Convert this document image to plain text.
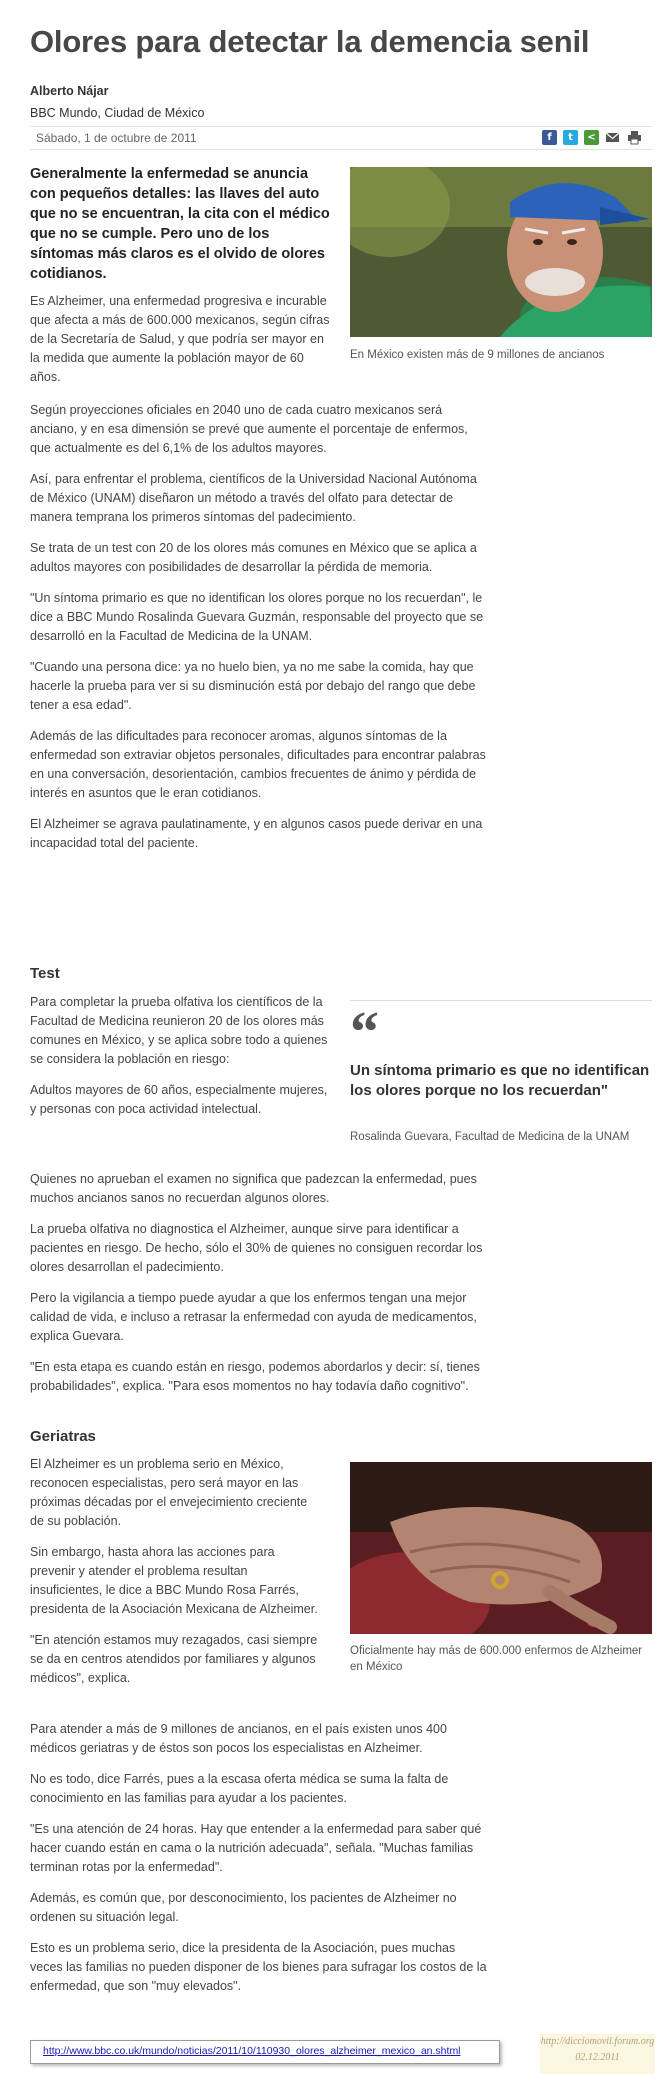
Olores para detectar la demencia senil
Alberto Nájar
BBC Mundo, Ciudad de México
Sábado, 1 de octubre de 2011	f	t	<
En México existen más de 9 millones de ancianos

Generalmente la enfermedad se anuncia con pequeños detalles: las llaves del auto que no se encuentran, la cita con el médico que no se cumple. Pero uno de los síntomas más claros es el olvido de olores cotidianos.

Es Alzheimer, una enfermedad progresiva e incurable que afecta a más de 600.000 mexicanos, según cifras de la Secretaría de Salud, y que podría ser mayor en la medida que aumente la población mayor de 60 años.

Según proyecciones oficiales en 2040 uno de cada cuatro mexicanos será anciano, y en esa dimensión se prevé que aumente el porcentaje de enfermos, que actualmente es del 6,1% de los adultos mayores.

Así, para enfrentar el problema, científicos de la Universidad Nacional Autónoma de México (UNAM) diseñaron un método a través del olfato para detectar de manera temprana los primeros síntomas del padecimiento.

Se trata de un test con 20 de los olores más comunes en México que se aplica a adultos mayores con posibilidades de desarrollar la pérdida de memoria.

"Un síntoma primario es que no identifican los olores porque no los recuerdan", le dice a BBC Mundo Rosalinda Guevara Guzmán, responsable del proyecto que se desarrolló en la Facultad de Medicina de la UNAM.

"Cuando una persona dice: ya no huelo bien, ya no me sabe la comida, hay que hacerle la prueba para ver si su disminución está por debajo del rango que debe tener a esa edad".

Además de las dificultades para reconocer aromas, algunos síntomas de la enfermedad son extraviar objetos personales, dificultades para encontrar palabras en una conversación, desorientación, cambios frecuentes de ánimo y pérdida de interés en asuntos que le eran cotidianos.

El Alzheimer se agrava paulatinamente, y en algunos casos puede derivar en una incapacidad total del paciente.

Test

Para completar la prueba olfativa los científicos de la Facultad de Medicina reunieron 20 de los olores más comunes en México, y se aplica sobre todo a quienes se considera la población en riesgo:

Adultos mayores de 60 años, especialmente mujeres, y personas con poca actividad intelectual.

“
Un síntoma primario es que no identifican los olores porque no los recuerdan"
Rosalinda Guevara, Facultad de Medicina de la UNAM

Quienes no aprueban el examen no significa que padezcan la enfermedad, pues muchos ancianos sanos no recuerdan algunos olores.

La prueba olfativa no diagnostica el Alzheimer, aunque sirve para identificar a pacientes en riesgo. De hecho, sólo el 30% de quienes no consiguen recordar los olores desarrollan el padecimiento.

Pero la vigilancia a tiempo puede ayudar a que los enfermos tengan una mejor calidad de vida, e incluso a retrasar la enfermedad con ayuda de medicamentos, explica Guevara.

"En esta etapa es cuando están en riesgo, podemos abordarlos y decir: sí, tienes probabilidades", explica. "Para esos momentos no hay todavía daño cognitivo".

Geriatras
Oficialmente hay más de 600.000 enfermos de Alzheimer en México

El Alzheimer es un problema serio en México, reconocen especialistas, pero será mayor en las próximas décadas por el envejecimiento creciente de su población.

Sin embargo, hasta ahora las acciones para prevenir y atender el problema resultan insuficientes, le dice a BBC Mundo Rosa Farrés, presidenta de la Asociación Mexicana de Alzheimer.

"En atención estamos muy rezagados, casi siempre se da en centros atendidos por familiares y algunos médicos", explica.

Para atender a más de 9 millones de ancianos, en el país existen unos 400 médicos geriatras y de éstos son pocos los especialistas en Alzheimer.

No es todo, dice Farrés, pues a la escasa oferta médica se suma la falta de conocimiento en las familias para ayudar a los pacientes.

"Es una atención de 24 horas. Hay que entender a la enfermedad para saber qué hacer cuando están en cama o la nutrición adecuada", señala. "Muchas familias terminan rotas por la enfermedad".

Además, es común que, por desconocimiento, los pacientes de Alzheimer no ordenen su situación legal.

Esto es un problema serio, dice la presidenta de la Asociación, pues muchas veces las familias no pueden disponer de los bienes para sufragar los costos de la enfermedad, que son "muy elevados".

http://www.bbc.co.uk/mundo/noticias/2011/10/110930_olores_alzheimer_mexico_an.shtml
http://dicciomovil.forum.org
02.12.2011
